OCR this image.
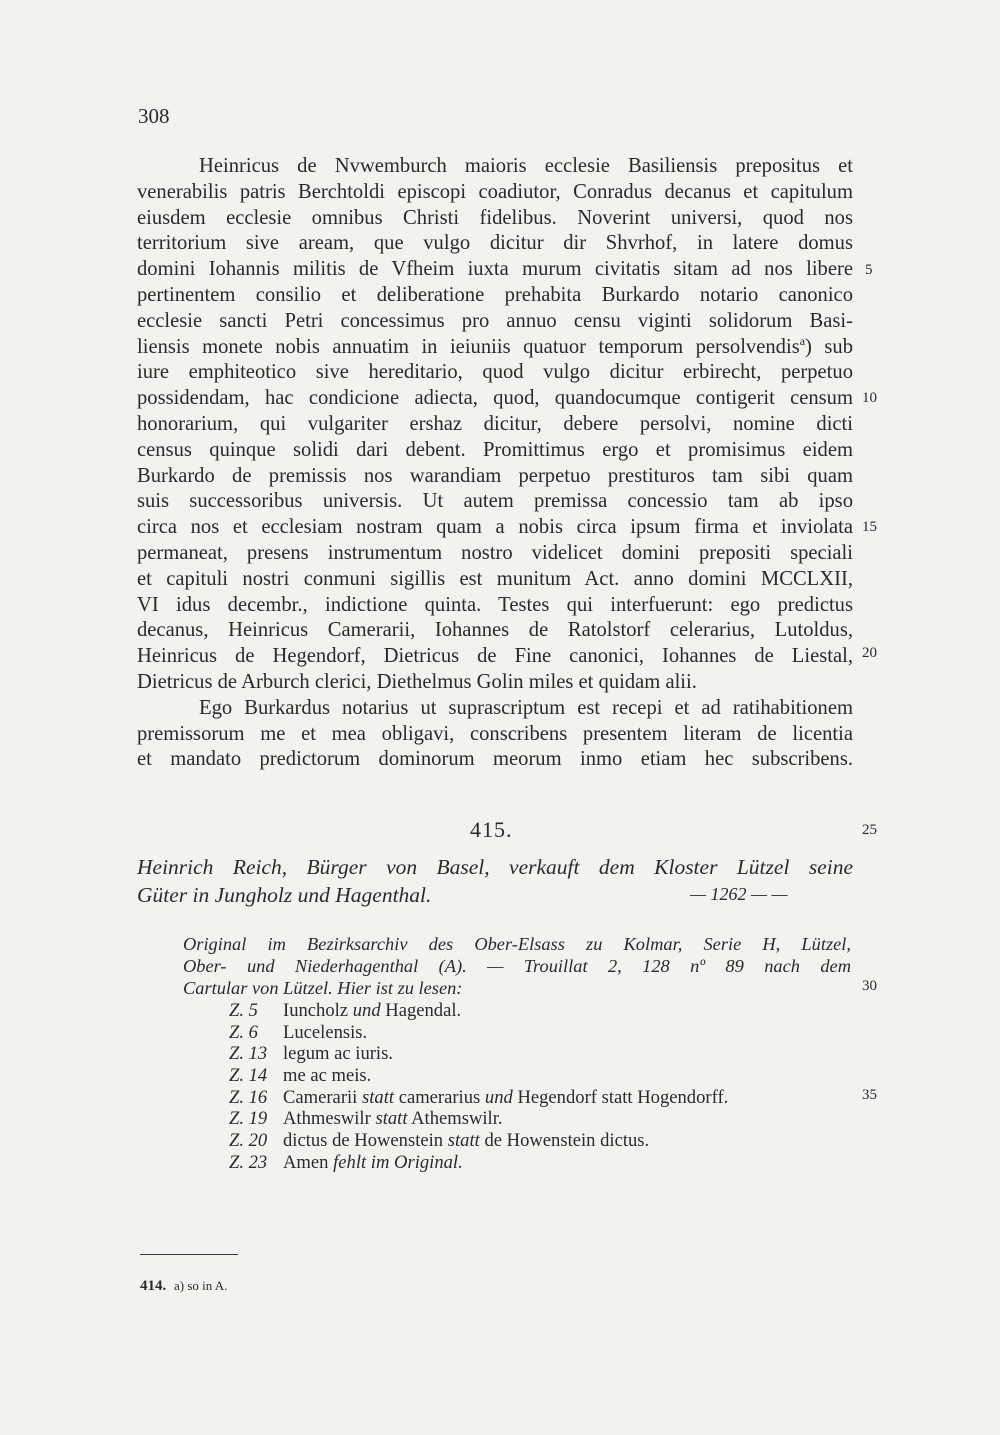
308
Heinricus de Nvwemburch maioris ecclesie Basiliensis prepositus et
venerabilis patris Berchtoldi episcopi coadiutor, Conradus decanus et capitulum
eiusdem ecclesie omnibus Christi fidelibus. Noverint universi, quod nos
territorium sive aream, que vulgo dicitur dir Shvrhof, in latere domus
domini Iohannis militis de Vfheim iuxta murum civitatis sitam ad nos libere
pertinentem consilio et deliberatione prehabita Burkardo notario canonico
ecclesie sancti Petri concessimus pro annuo censu viginti solidorum Basi-
liensis monete nobis annuatim in ieiuniis quatuor temporum persolvendis$^a$) sub
iure emphiteotico sive hereditario, quod vulgo dicitur erbirecht, perpetuo
possidendam, hac condicione adiecta, quod, quandocumque contigerit censum
honorarium, qui vulgariter ershaz dicitur, debere persolvi, nomine dicti
census quinque solidi dari debent. Promittimus ergo et promisimus eidem
Burkardo de premissis nos warandiam perpetuo prestituros tam sibi quam
suis successoribus universis. Ut autem premissa concessio tam ab ipso
circa nos et ecclesiam nostram quam a nobis circa ipsum firma et inviolata
permaneat, presens instrumentum nostro videlicet domini prepositi speciali
et capituli nostri conmuni sigillis est munitum Act. anno domini MCCLXII,
VI idus decembr., indictione quinta. Testes qui interfuerunt: ego predictus
decanus, Heinricus Camerarii, Iohannes de Ratolstorf celerarius, Lutoldus,
Heinricus de Hegendorf, Dietricus de Fine canonici, Iohannes de Liestal,
Dietricus de Arburch clerici, Diethelmus Golin miles et quidam alii.
Ego Burkardus notarius ut suprascriptum est recepi et ad ratihabitionem
premissorum me et mea obligavi, conscribens presentem literam de licentia
et mandato predictorum dominorum meorum inmo etiam hec subscribens.
5
10
15
20
25
30
35
415.
Heinrich Reich, Bürger von Basel, verkauft dem Kloster Lützel seine
Güter in Jungholz und Hagenthal.	— 1262 — —
Original im Bezirksarchiv des Ober-Elsass zu Kolmar, Serie H, Lützel,
Ober- und Niederhagenthal (A). — Trouillat 2, 128 nº 89 nach dem
Cartular von Lützel. Hier ist zu lesen:
Z. 5 Iuncholz und Hagendal.
Z. 6 Lucelensis.
Z. 13 legum ac iuris.
Z. 14 me ac meis.
Z. 16 Camerarii statt camerarius und Hegendorf statt Hogendorff.
Z. 19 Athmeswilr statt Athemswilr.
Z. 20 dictus de Howenstein statt de Howenstein dictus.
Z. 23 Amen fehlt im Original.
414. a) so in A.
